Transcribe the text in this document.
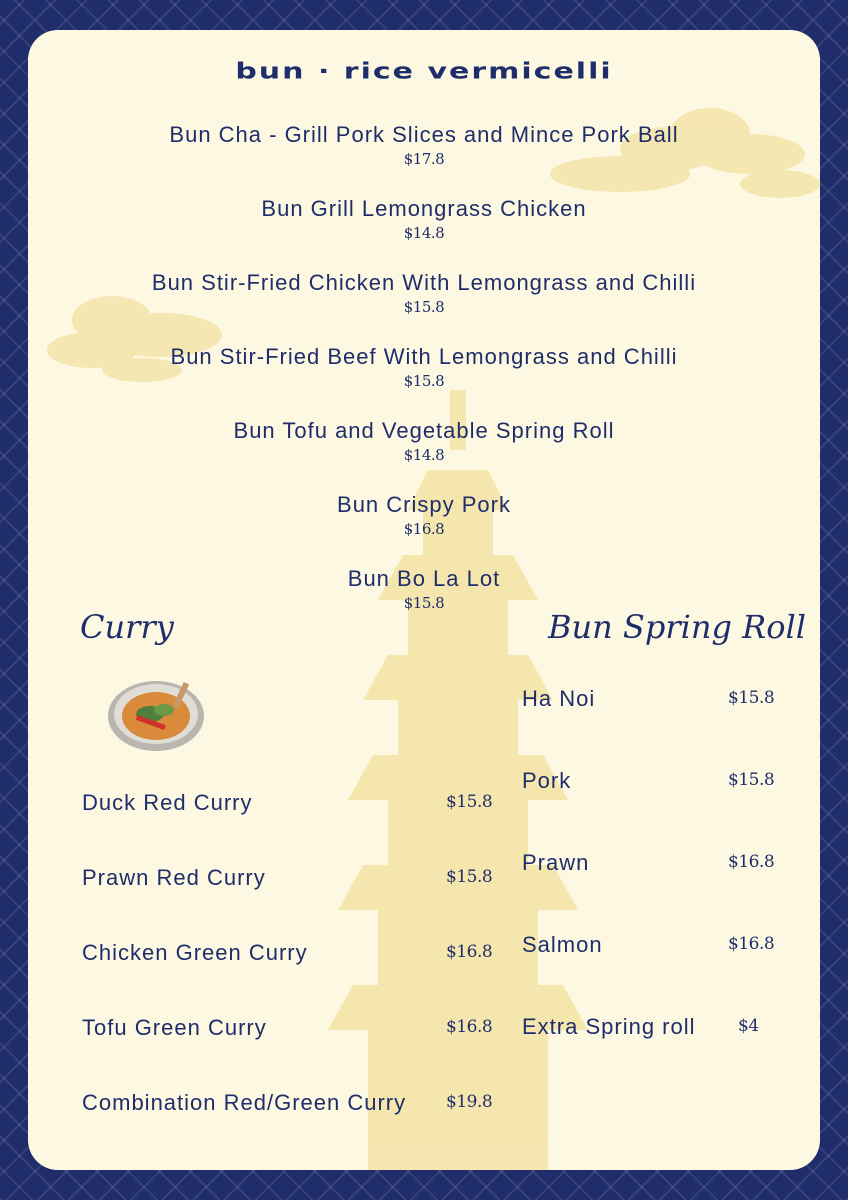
bun · rice vermicelli
Bun Cha - Grill Pork Slices and Mince Pork Ball
$17.8
Bun Grill Lemongrass Chicken
$14.8
Bun Stir-Fried Chicken With Lemongrass and Chilli
$15.8
Bun Stir-Fried Beef With Lemongrass and Chilli
$15.8
Bun Tofu and Vegetable Spring Roll
$14.8
Bun Crispy Pork
$16.8
Bun Bo La Lot
$15.8
Curry	Bun Spring Roll
Duck Red Curry	$15.8
Prawn Red Curry	$15.8
Chicken Green Curry	$16.8
Tofu Green Curry	$16.8
Combination Red/Green Curry $19.8
Ha Noi	$15.8
Pork	$15.8
Prawn	$16.8
Salmon	$16.8
Extra Spring roll $4
